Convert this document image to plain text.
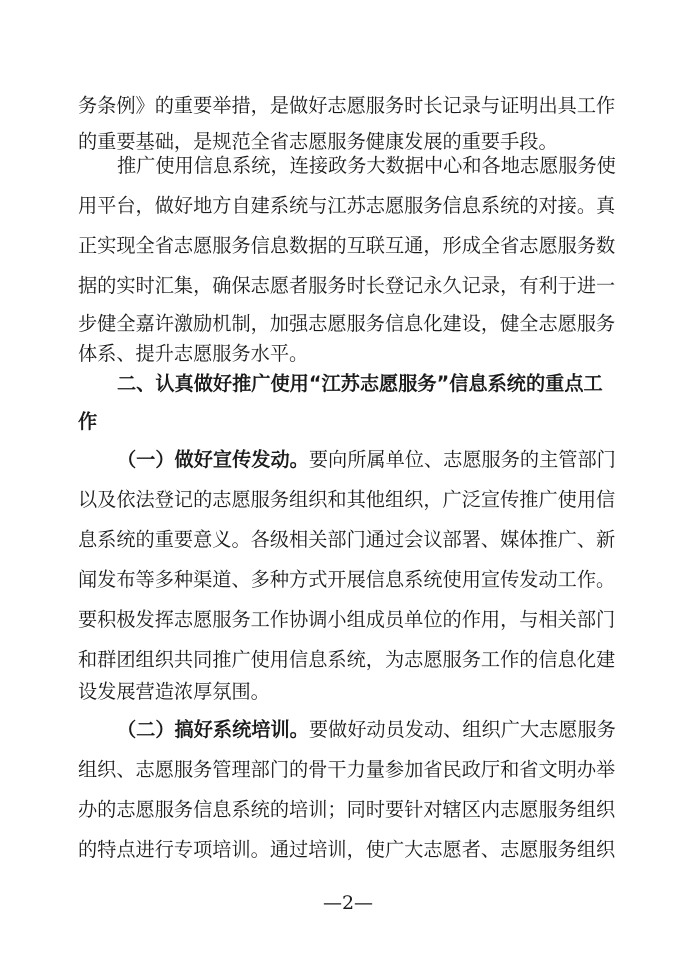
务条例》的重要举措，是做好志愿服务时长记录与证明出具工作
的重要基础，是规范全省志愿服务健康发展的重要手段。
推广使用信息系统，连接政务大数据中心和各地志愿服务使
用平台，做好地方自建系统与江苏志愿服务信息系统的对接。真
正实现全省志愿服务信息数据的互联互通，形成全省志愿服务数
据的实时汇集，确保志愿者服务时长登记永久记录，有利于进一
步健全嘉许激励机制，加强志愿服务信息化建设，健全志愿服务
体系、提升志愿服务水平。
二、认真做好推广使用“江苏志愿服务”信息系统的重点工
作
（一）做好宣传发动。要向所属单位、志愿服务的主管部门
以及依法登记的志愿服务组织和其他组织，广泛宣传推广使用信
息系统的重要意义。各级相关部门通过会议部署、媒体推广、新
闻发布等多种渠道、多种方式开展信息系统使用宣传发动工作。
要积极发挥志愿服务工作协调小组成员单位的作用，与相关部门
和群团组织共同推广使用信息系统，为志愿服务工作的信息化建
设发展营造浓厚氛围。
（二）搞好系统培训。要做好动员发动、组织广大志愿服务
组织、志愿服务管理部门的骨干力量参加省民政厅和省文明办举
办的志愿服务信息系统的培训；同时要针对辖区内志愿服务组织
的特点进行专项培训。通过培训，使广大志愿者、志愿服务组织
—2—
